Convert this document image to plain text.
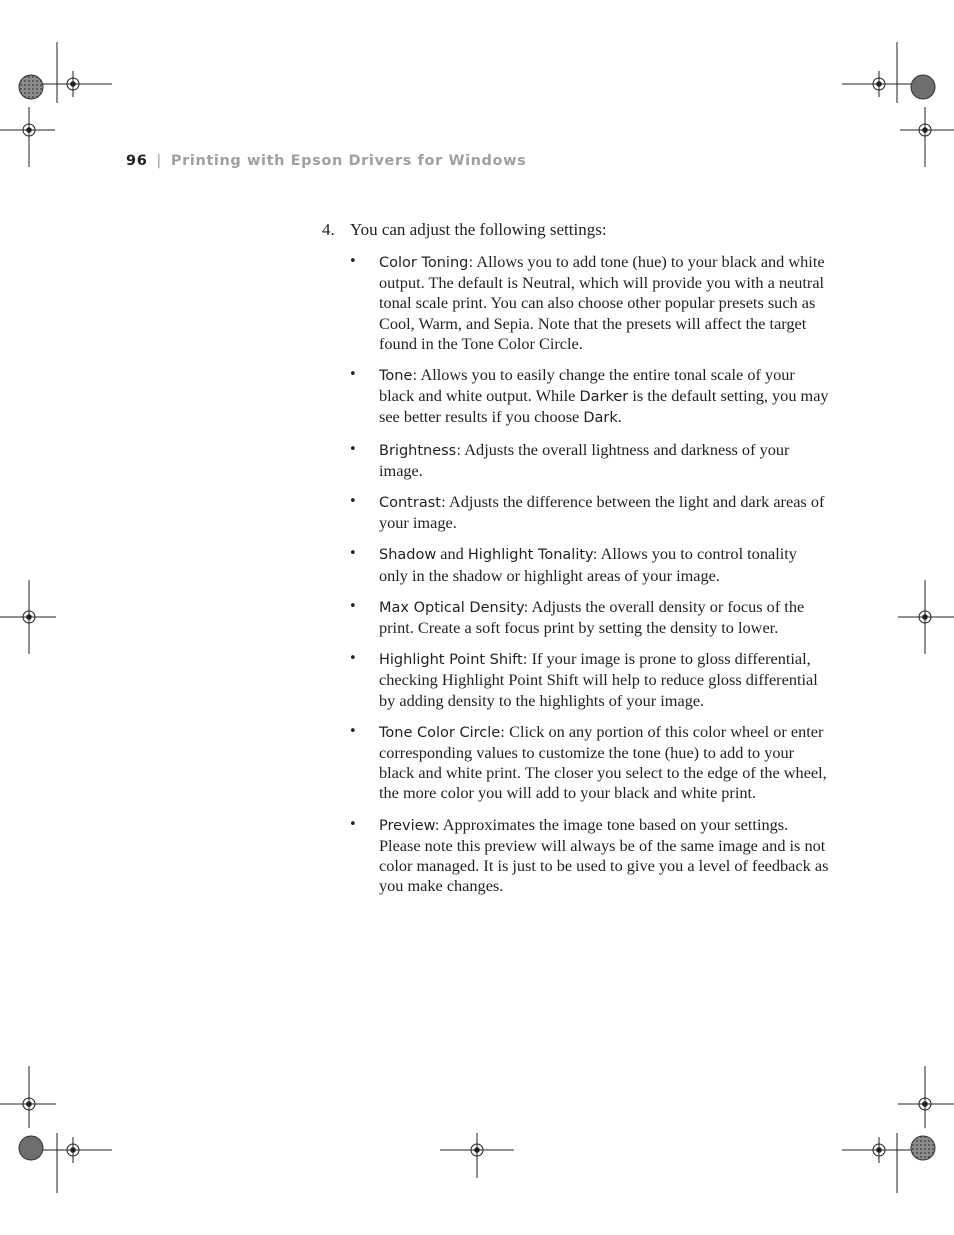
96 | Printing with Epson Drivers for Windows
4. You can adjust the following settings:
• Color Toning: Allows you to add tone (hue) to your black and white output. The default is Neutral, which will provide you with a neutral tonal scale print. You can also choose other popular presets such as Cool, Warm, and Sepia. Note that the presets will affect the target found in the Tone Color Circle.
• Tone: Allows you to easily change the entire tonal scale of your black and white output. While Darker is the default setting, you may see better results if you choose Dark.
• Brightness: Adjusts the overall lightness and darkness of your image.
• Contrast: Adjusts the difference between the light and dark areas of your image.
• Shadow and Highlight Tonality: Allows you to control tonality only in the shadow or highlight areas of your image.
• Max Optical Density: Adjusts the overall density or focus of the print. Create a soft focus print by setting the density to lower.
• Highlight Point Shift: If your image is prone to gloss differential, checking Highlight Point Shift will help to reduce gloss differential by adding density to the highlights of your image.
• Tone Color Circle: Click on any portion of this color wheel or enter corresponding values to customize the tone (hue) to add to your black and white print. The closer you select to the edge of the wheel, the more color you will add to your black and white print.
• Preview: Approximates the image tone based on your settings. Please note this preview will always be of the same image and is not color managed. It is just to be used to give you a level of feedback as you make changes.
